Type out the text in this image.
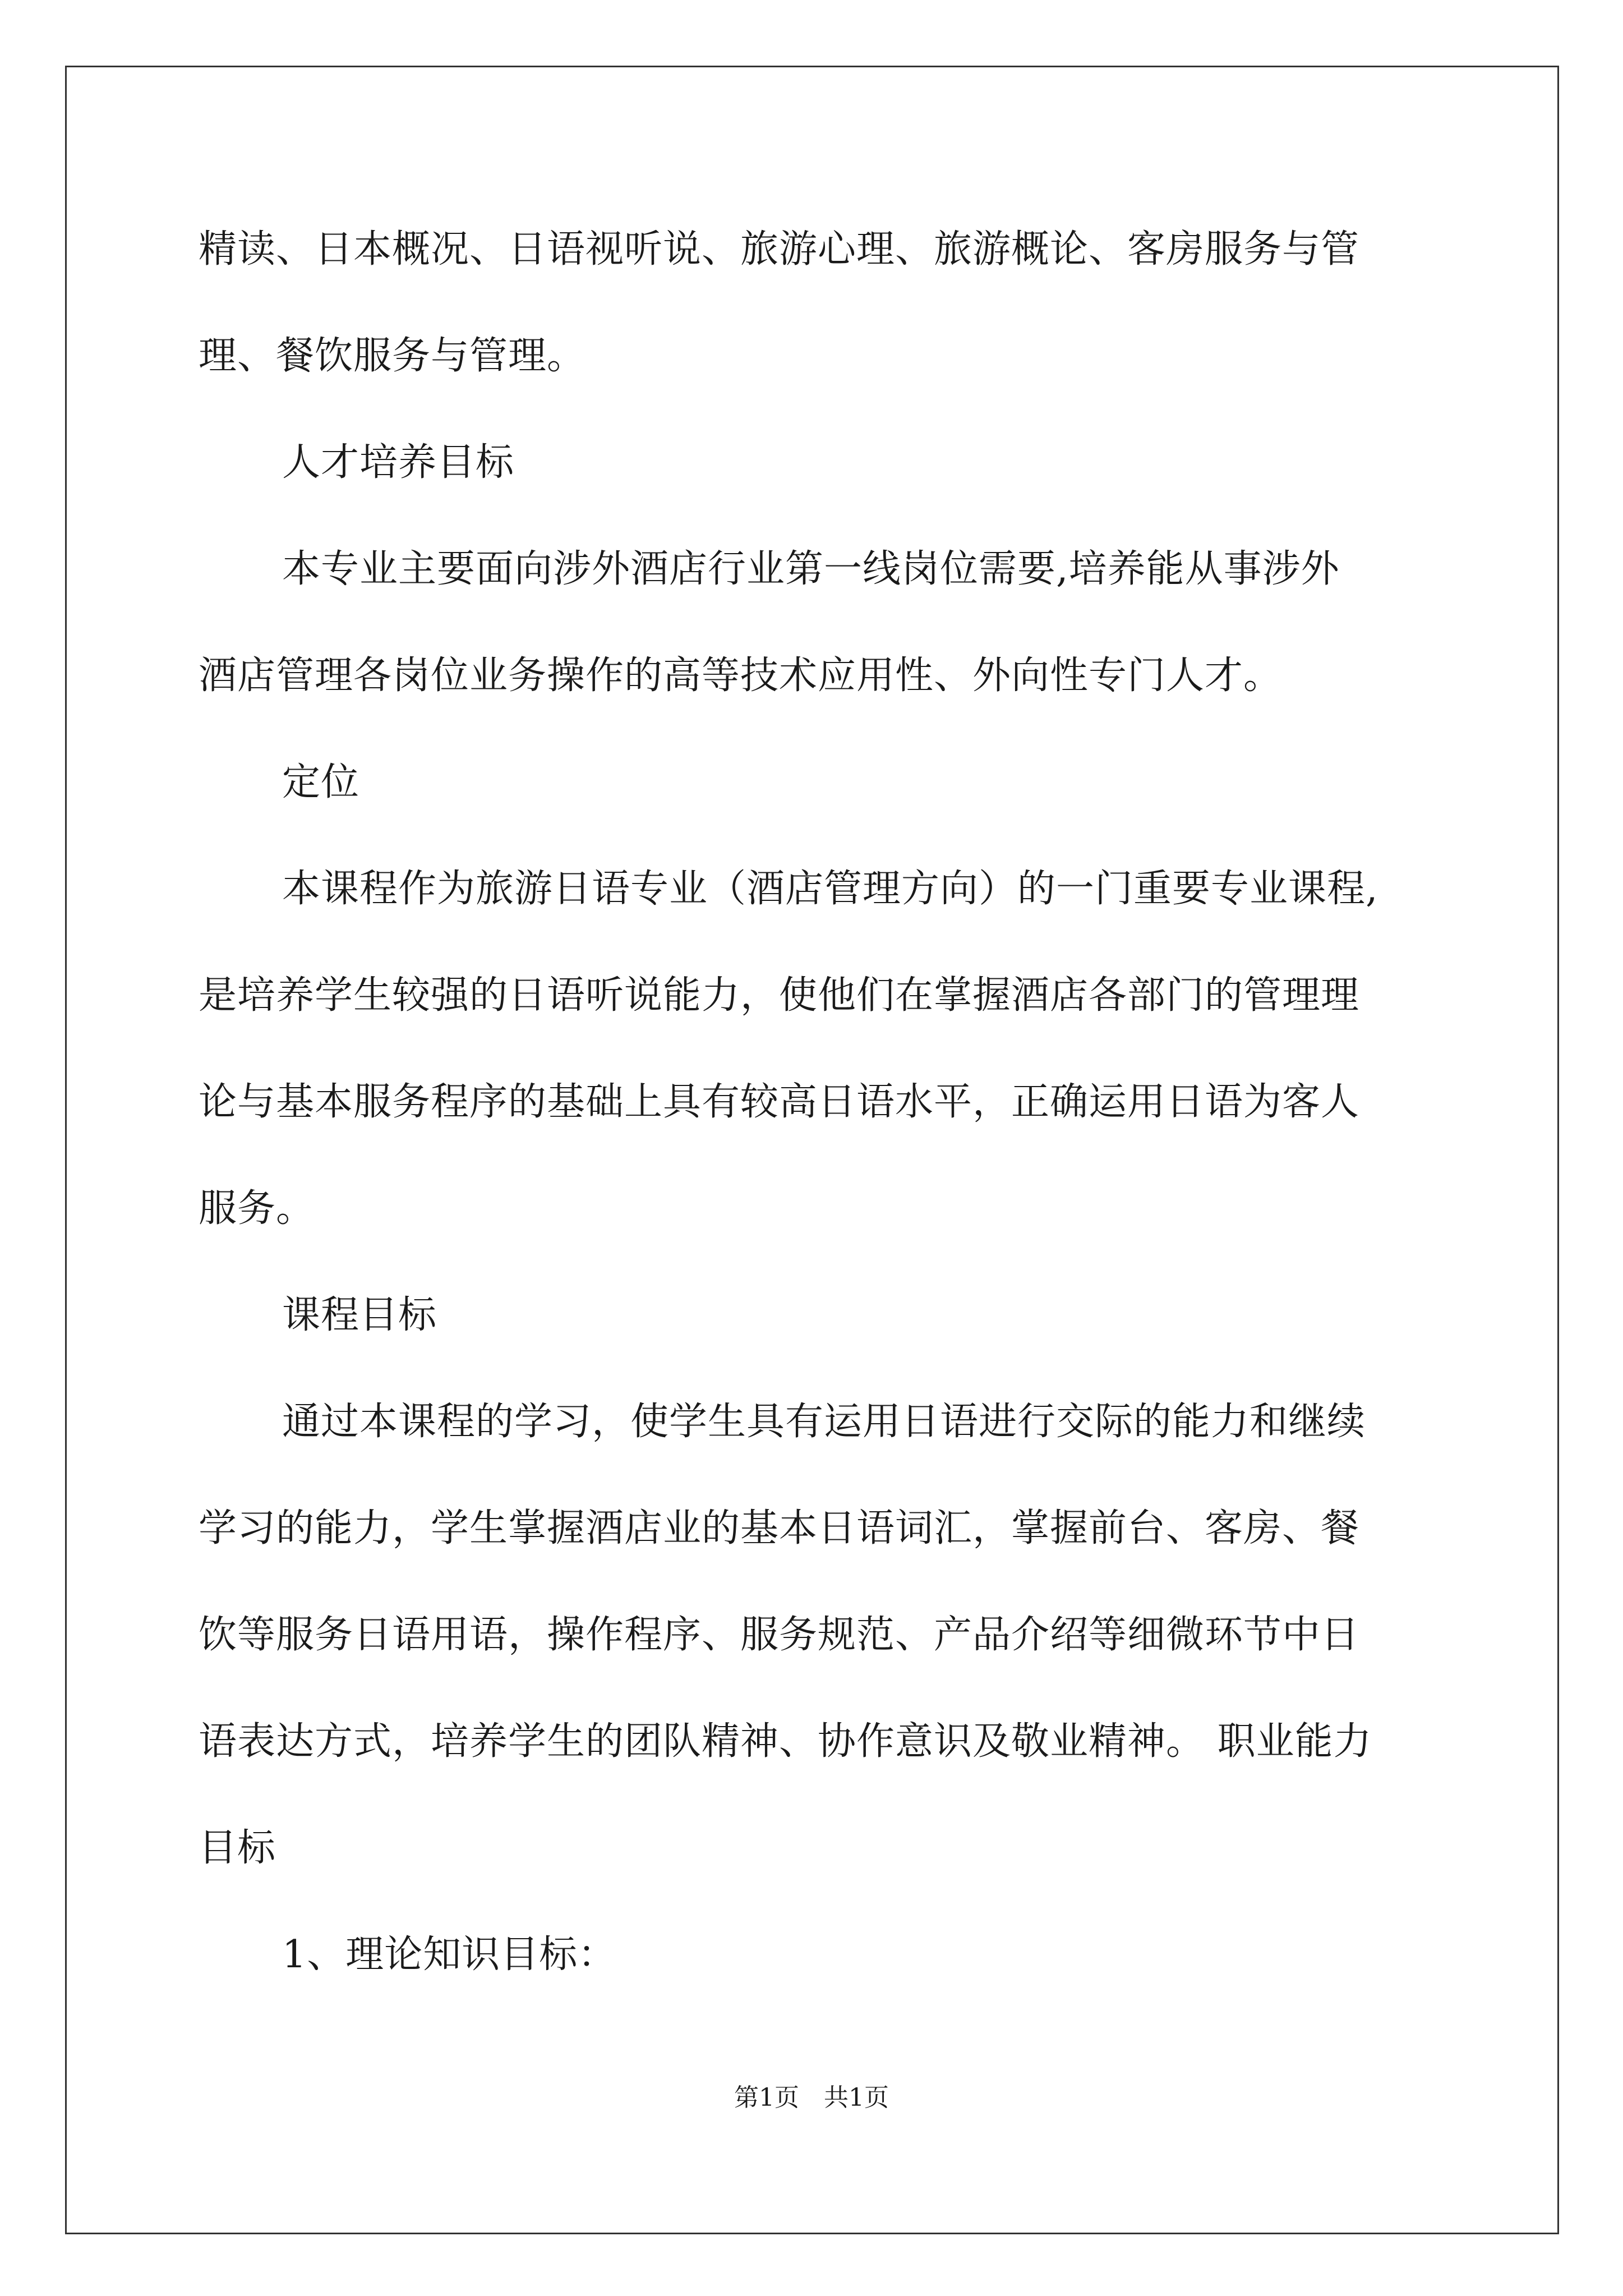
精读、日本概况、日语视听说、旅游心理、旅游概论、客房服务与管
理、餐饮服务与管理。
人才培养目标
本专业主要面向涉外酒店行业第一线岗位需要,培养能从事涉外
酒店管理各岗位业务操作的高等技术应用性、外向性专门人才。
定位
本课程作为旅游日语专业（酒店管理方向）的一门重要专业课程,
是培养学生较强的日语听说能力，使他们在掌握酒店各部门的管理理
论与基本服务程序的基础上具有较高日语水平，正确运用日语为客人
服务。
课程目标
通过本课程的学习，使学生具有运用日语进行交际的能力和继续
学习的能力，学生掌握酒店业的基本日语词汇，掌握前台、客房、餐
饮等服务日语用语，操作程序、服务规范、产品介绍等细微环节中日
语表达方式，培养学生的团队精神、协作意识及敬业精神。 职业能力
目标
1、理论知识目标：
第1页　共1页
